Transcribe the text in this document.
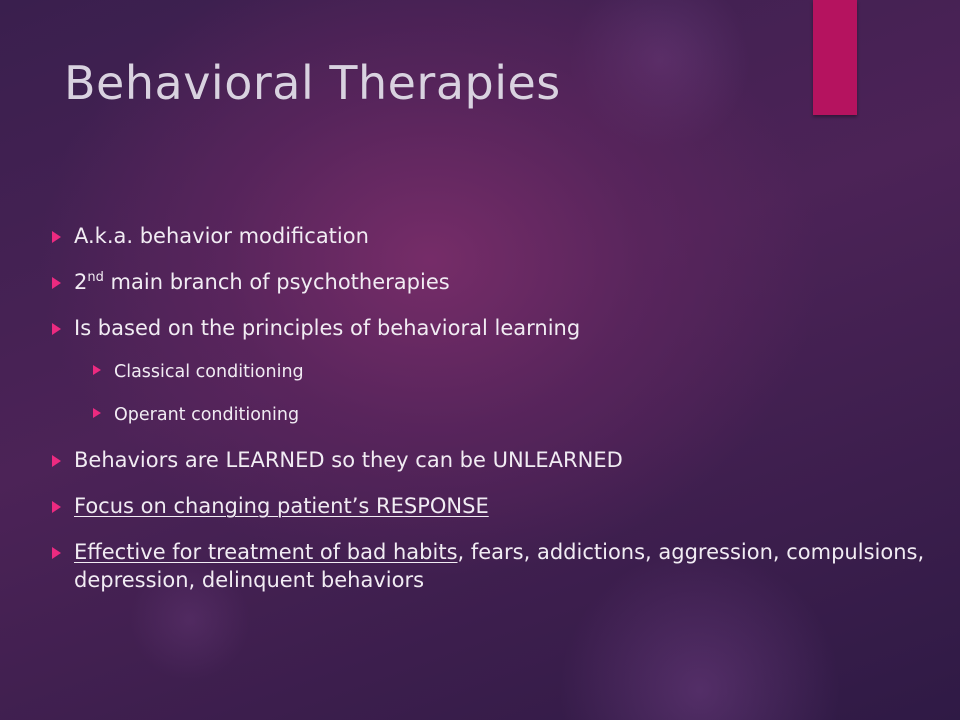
Behavioral Therapies
A.k.a. behavior modification
2nd main branch of psychotherapies
Is based on the principles of behavioral learning
Classical conditioning
Operant conditioning
Behaviors are LEARNED so they can be UNLEARNED
Focus on changing patient’s RESPONSE
Effective for treatment of bad habits, fears, addictions, aggression, compulsions, depression, delinquent behaviors
